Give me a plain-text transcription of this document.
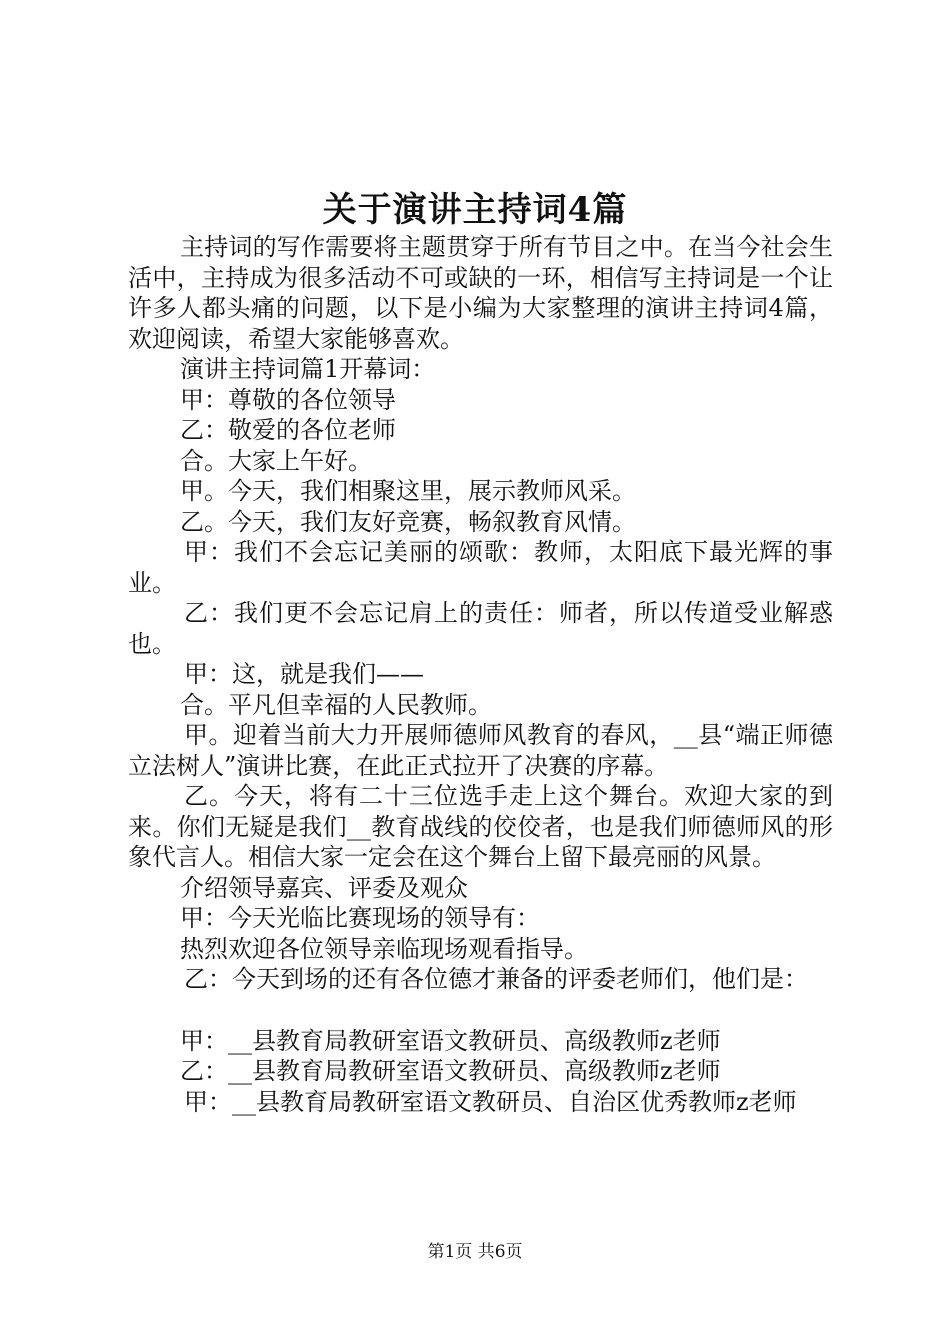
关于演讲主持词4篇

主持词的写作需要将主题贯穿于所有节目之中。在当今社会生活中，主持成为很多活动不可或缺的一环，相信写主持词是一个让许多人都头痛的问题，以下是小编为大家整理的演讲主持词4篇，欢迎阅读，希望大家能够喜欢。

演讲主持词篇1开幕词：

甲：尊敬的各位领导

乙：敬爱的各位老师

合。大家上午好。

甲。今天，我们相聚这里，展示教师风采。

乙。今天，我们友好竞赛，畅叙教育风情。

甲：我们不会忘记美丽的颂歌：教师，太阳底下最光辉的事业。

乙：我们更不会忘记肩上的责任：师者，所以传道受业解惑也。

甲：这，就是我们——

合。平凡但幸福的人民教师。

甲。迎着当前大力开展师德师风教育的春风，__县“端正师德立法树人”演讲比赛，在此正式拉开了决赛的序幕。

乙。今天，将有二十三位选手走上这个舞台。欢迎大家的到来。你们无疑是我们__教育战线的佼佼者，也是我们师德师风的形象代言人。相信大家一定会在这个舞台上留下最亮丽的风景。

介绍领导嘉宾、评委及观众

甲：今天光临比赛现场的领导有：

热烈欢迎各位领导亲临现场观看指导。

乙：今天到场的还有各位德才兼备的评委老师们，他们是：

甲：__县教育局教研室语文教研员、高级教师z老师

乙：__县教育局教研室语文教研员、高级教师z老师

甲：__县教育局教研室语文教研员、自治区优秀教师z老师

第1页 共6页
